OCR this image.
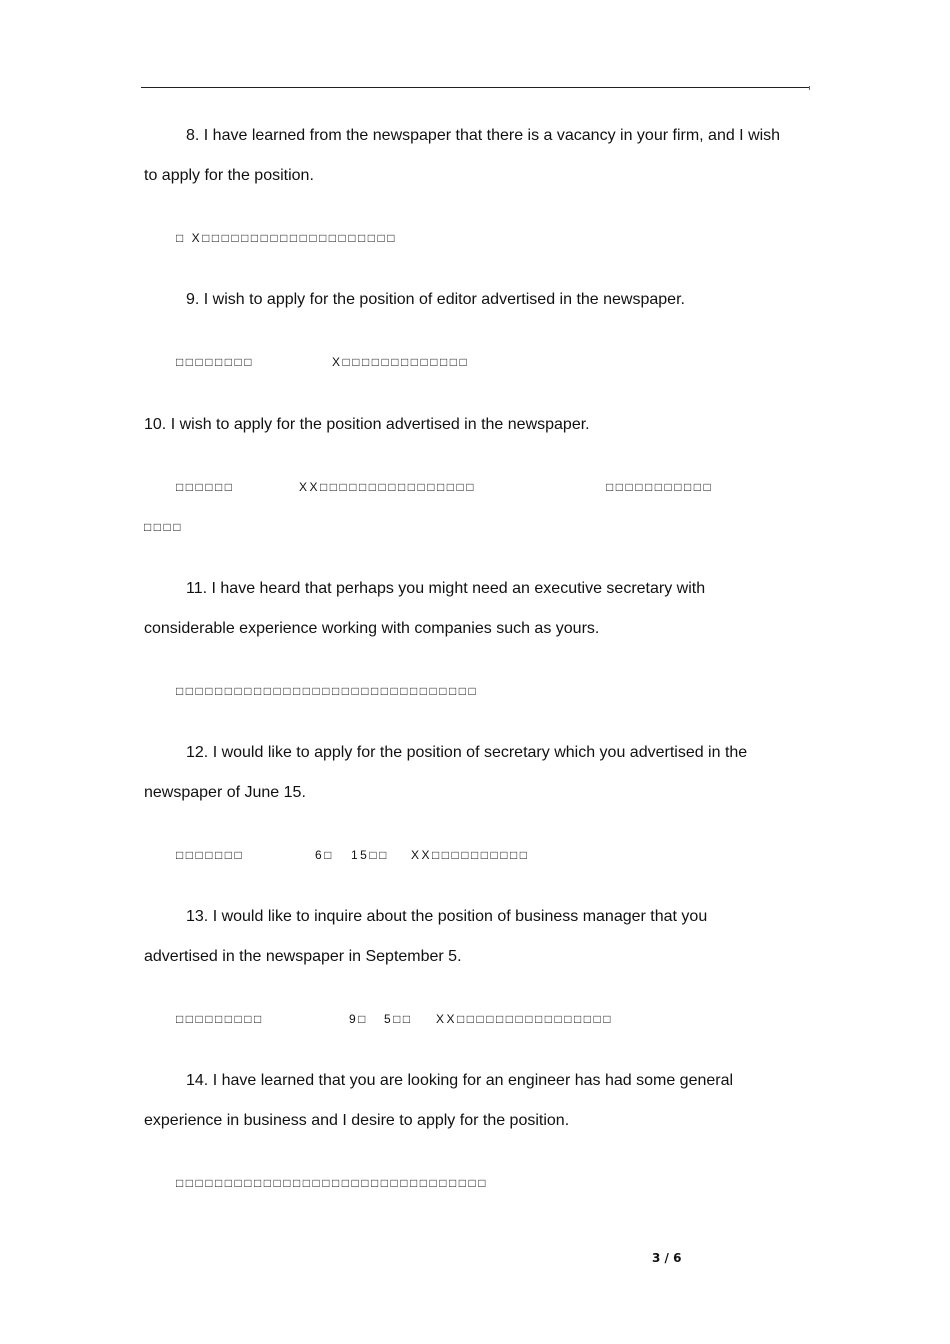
8. I have learned from the newspaper that there is a vacancy in your firm, and I wish
to apply for the position.
□ X□□□□□□□□□□□□□□□□□□□□
9. I wish to apply for the position of editor advertised in the newspaper.
□□□□□□□□	X□□□□□□□□□□□□□
10. I wish to apply for the position advertised in the newspaper.
□□□□□□	XX□□□□□□□□□□□□□□□□	□□□□□□□□□□□
□□□□
11. I have heard that perhaps you might need an executive secretary with
considerable experience working with companies such as yours.
□□□□□□□□□□□□□□□□□□□□□□□□□□□□□□□
12. I would like to apply for the position of secretary which you advertised in the
newspaper of June 15.
□□□□□□□	6□ 15□□ XX□□□□□□□□□□
13. I would like to inquire about the position of business manager that you
advertised in the newspaper in September 5.
□□□□□□□□□	9□ 5□□ XX□□□□□□□□□□□□□□□□
14. I have learned that you are looking for an engineer has had some general
experience in business and I desire to apply for the position.
□□□□□□□□□□□□□□□□□□□□□□□□□□□□□□□□
3 / 6
